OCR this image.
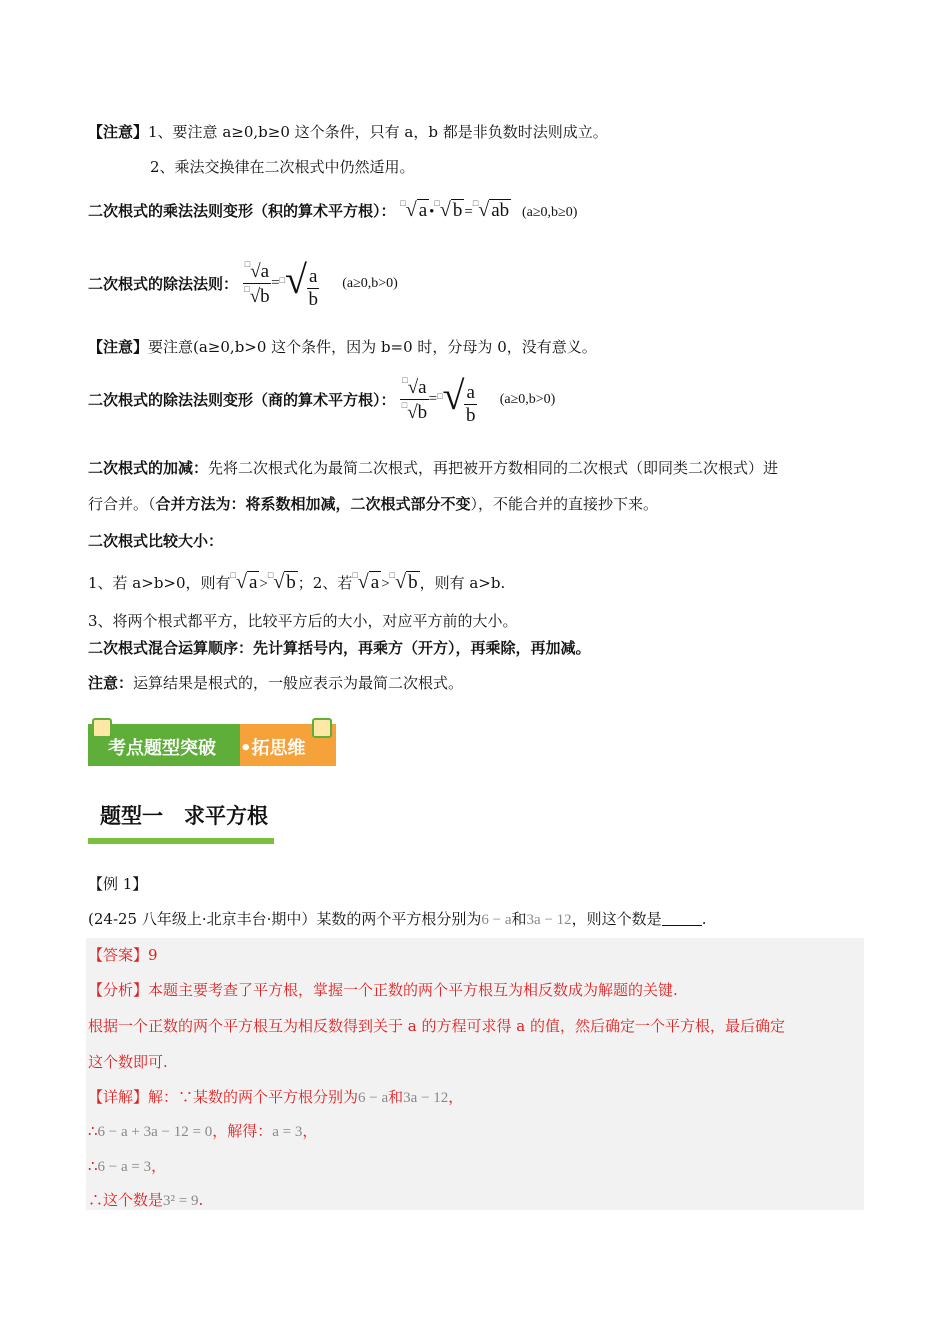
【注意】1、要注意 a≥0,b≥0 这个条件，只有 a，b 都是非负数时法则成立。
2、乘法交换律在二次根式中仍然适用。
二次根式的乘法法则变形（积的算术平方根）： □√ a •□√ b =□√ ab (a≥0,b≥0)
二次根式的除法法则： $\frac{^□√a}{^□√b} =^□√ \frac{a}{b} (a\ge 0,b>0)$
【注意】要注意(a≥0,b>0 这个条件，因为 b=0 时，分母为 0，没有意义。
二次根式的除法法则变形（商的算术平方根）： $\frac{^□√a}{^□√b} =^□√ \frac{a}{b} (a\ge 0,b>0)$
二次根式的加减：先将二次根式化为最简二次根式，再把被开方数相同的二次根式（即同类二次根式）进
行合并。（合并方法为：将系数相加减，二次根式部分不变），不能合并的直接抄下来。
二次根式比较大小：
1、若 a>b>0，则有□√ a >□√ b ；2、若□√ a >□√ b ，则有 a>b.
3、将两个根式都平方，比较平方后的大小，对应平方前的大小。
二次根式混合运算顺序：先计算括号内，再乘方（开方），再乘除，再加减。
注意：运算结果是根式的，一般应表示为最简二次根式。
考点题型突破 •拓思维
题型一　求平方根
【例 1】
(24-25 八年级上·北京丰台·期中）某数的两个平方根分别为6 − a和3a − 12，则这个数是	.
【答案】9
【分析】本题主要考查了平方根，掌握一个正数的两个平方根互为相反数成为解题的关键.
根据一个正数的两个平方根互为相反数得到关于 a 的方程可求得 a 的值，然后确定一个平方根，最后确定
这个数即可.
【详解】解：∵某数的两个平方根分别为6 − a和3a − 12，
∴6 − a + 3a − 12 = 0，解得：a = 3，
∴6 − a = 3，
∴这个数是3² = 9.
